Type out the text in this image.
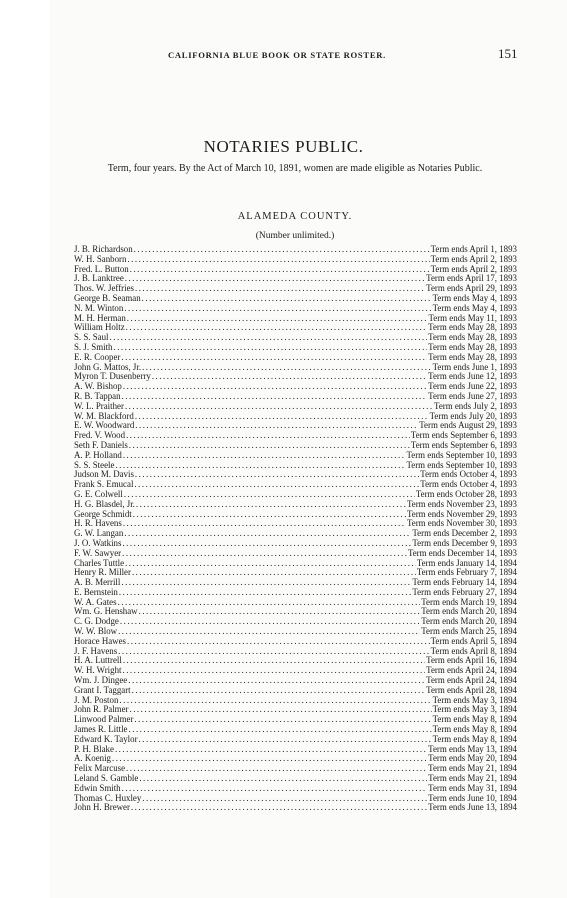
CALIFORNIA BLUE BOOK OR STATE ROSTER.	151
NOTARIES PUBLIC.
Term, four years. By the Act of March 10, 1891, women are made eligible as Notaries Public.
ALAMEDA COUNTY.
(Number unlimited.)
J. B. Richardson .....	Term ends April 1, 1893
W. H. Sanborn .....	Term ends April 2, 1893
Fred. L. Button .....	Term ends April 2, 1893
J. B. Lanktree .....	Term ends April 17, 1893
Thos. W. Jeffries .....	Term ends April 29, 1893
George B. Seaman .....	Term ends May 4, 1893
N. M. Winton .....	Term ends May 4, 1893
M. H. Herman .....	Term ends May 11, 1893
William Holtz .....	Term ends May 28, 1893
S. S. Saul .....	Term ends May 28, 1893
S. J. Smith .....	Term ends May 28, 1893
E. R. Cooper .....	Term ends May 28, 1893
John G. Mattos, Jr. .....	Term ends June 1, 1893
Myron T. Dusenberry .....	Term ends June 12, 1893
A. W. Bishop .....	Term ends June 22, 1893
R. B. Tappan .....	Term ends June 27, 1893
W. L. Praither .....	Term ends July 2, 1893
W. M. Blackford .....	Term ends July 20, 1893
E. W. Woodward .....	Term ends August 29, 1893
Fred. V. Wood .....	Term ends September 6, 1893
Seth F. Daniels .....	Term ends September 6, 1893
A. P. Holland .....	Term ends September 10, 1893
S. S. Steele .....	Term ends September 10, 1893
Judson M. Davis .....	Term ends October 4, 1893
Frank S. Emucal .....	Term ends October 4, 1893
G. E. Colwell .....	Term ends October 28, 1893
H. G. Blasdel, Jr. .....	Term ends November 23, 1893
George Schmidt .....	Term ends November 29, 1893
H. R. Havens .....	Term ends November 30, 1893
G. W. Langan .....	Term ends December 2, 1893
J. O. Watkins .....	Term ends December 9, 1893
F. W. Sawyer .....	Term ends December 14, 1893
Charles Tuttle .....	Term ends January 14, 1894
Henry R. Miller .....	Term ends February 7, 1894
A. B. Merrill .....	Term ends February 14, 1894
E. Bernstein .....	Term ends February 27, 1894
W. A. Gates .....	Term ends March 19, 1894
Wm. G. Henshaw .....	Term ends March 20, 1894
C. G. Dodge .....	Term ends March 20, 1894
W. W. Blow .....	Term ends March 25, 1894
Horace Hawes .....	Term ends April 5, 1894
J. F. Havens .....	Term ends April 8, 1894
H. A. Luttrell .....	Term ends April 16, 1894
W. H. Wright .....	Term ends April 24, 1894
Wm. J. Dingee .....	Term ends April 24, 1894
Grant I. Taggart .....	Term ends April 28, 1894
J. M. Poston .....	Term ends May 3, 1894
John R. Palmer .....	Term ends May 3, 1894
Linwood Palmer .....	Term ends May 8, 1894
James R. Little .....	Term ends May 8, 1894
Edward K. Taylor .....	Term ends May 8, 1894
P. H. Blake .....	Term ends May 13, 1894
A. Koenig .....	Term ends May 20, 1894
Felix Marcuse .....	Term ends May 21, 1894
Leland S. Gamble .....	Term ends May 21, 1894
Edwin Smith .....	Term ends May 31, 1894
Thomas C. Huxley .....	Term ends June 10, 1894
John H. Brewer .....	Term ends June 13, 1894
